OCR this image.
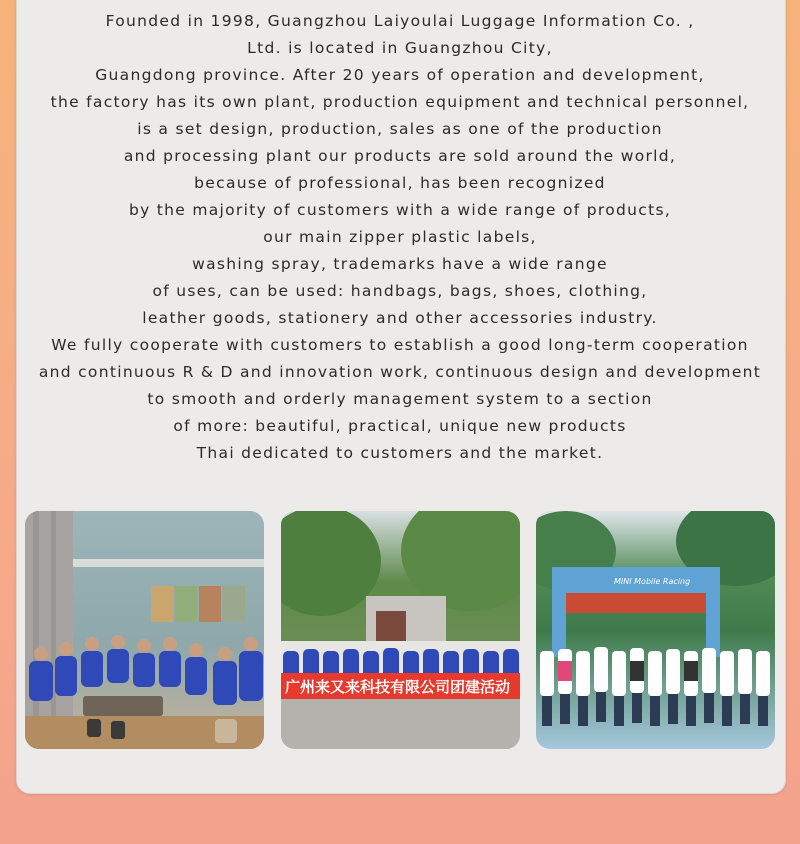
Founded in 1998, Guangzhou Laiyoulai Luggage Information Co. ,

Ltd. is located in Guangzhou City,

Guangdong province. After 20 years of operation and development,

the factory has its own plant, production equipment and technical personnel,

is a set design, production, sales as one of the production

and processing plant our products are sold around the world,

because of professional, has been recognized

by the majority of customers with a wide range of products,

our main zipper plastic labels,

washing spray, trademarks have a wide range

of uses, can be used: handbags, bags, shoes, clothing,

leather goods, stationery and other accessories industry.

We fully cooperate with customers to establish a good long-term cooperation

and continuous R & D and innovation work, continuous design and development

to smooth and orderly management system to a section

of more: beautiful, practical, unique new products

Thai dedicated to customers and the market.

广州来又来科技有限公司团建活动
MINI Mobile Racing
